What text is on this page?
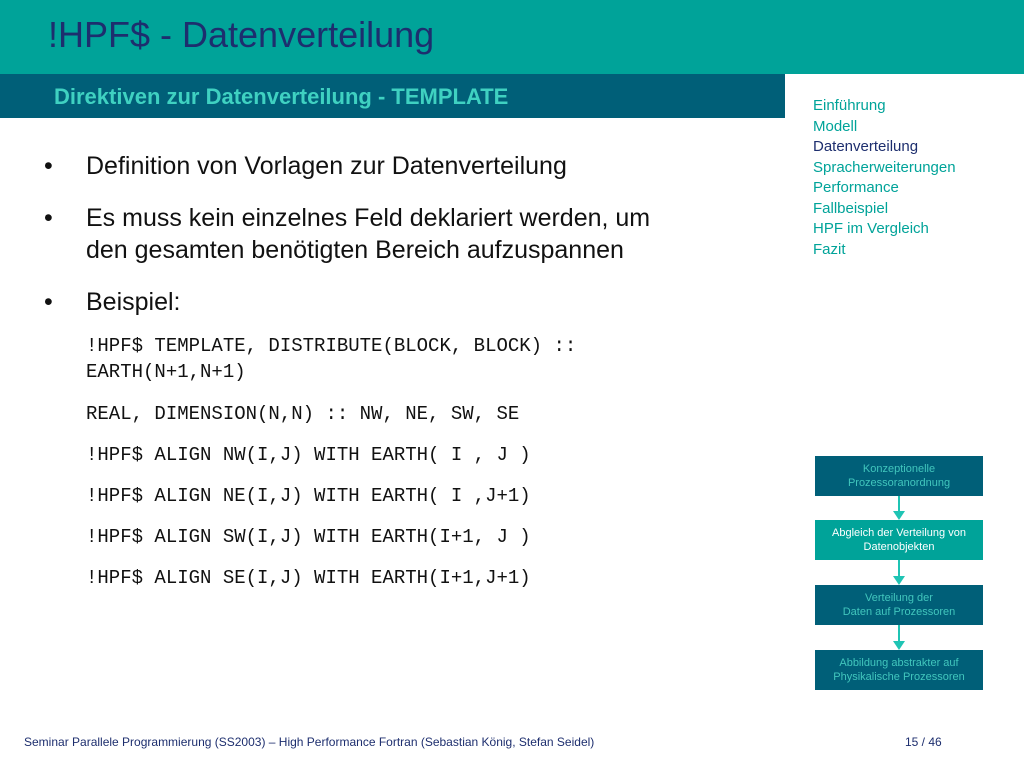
!HPF$ - Datenverteilung
Direktiven zur Datenverteilung - TEMPLATE
• Definition von Vorlagen zur Datenverteilung
• Es muss kein einzelnes Feld deklariert werden, um
den gesamten benötigten Bereich aufzuspannen
• Beispiel:
!HPF$ TEMPLATE, DISTRIBUTE(BLOCK, BLOCK) ::
EARTH(N+1,N+1)
REAL, DIMENSION(N,N) :: NW, NE, SW, SE
!HPF$ ALIGN NW(I,J) WITH EARTH( I , J )
!HPF$ ALIGN NE(I,J) WITH EARTH( I ,J+1)
!HPF$ ALIGN SW(I,J) WITH EARTH(I+1, J )
!HPF$ ALIGN SE(I,J) WITH EARTH(I+1,J+1)
Einführung
Modell
Datenverteilung
Spracherweiterungen
Performance
Fallbeispiel
HPF im Vergleich
Fazit
Konzeptionelle
Prozessoranordnung
Abgleich der Verteilung von
Datenobjekten
Verteilung der
Daten auf Prozessoren
Abbildung abstrakter auf
Physikalische Prozessoren
Seminar Parallele Programmierung (SS2003) – High Performance Fortran (Sebastian König, Stefan Seidel)	15 / 46
